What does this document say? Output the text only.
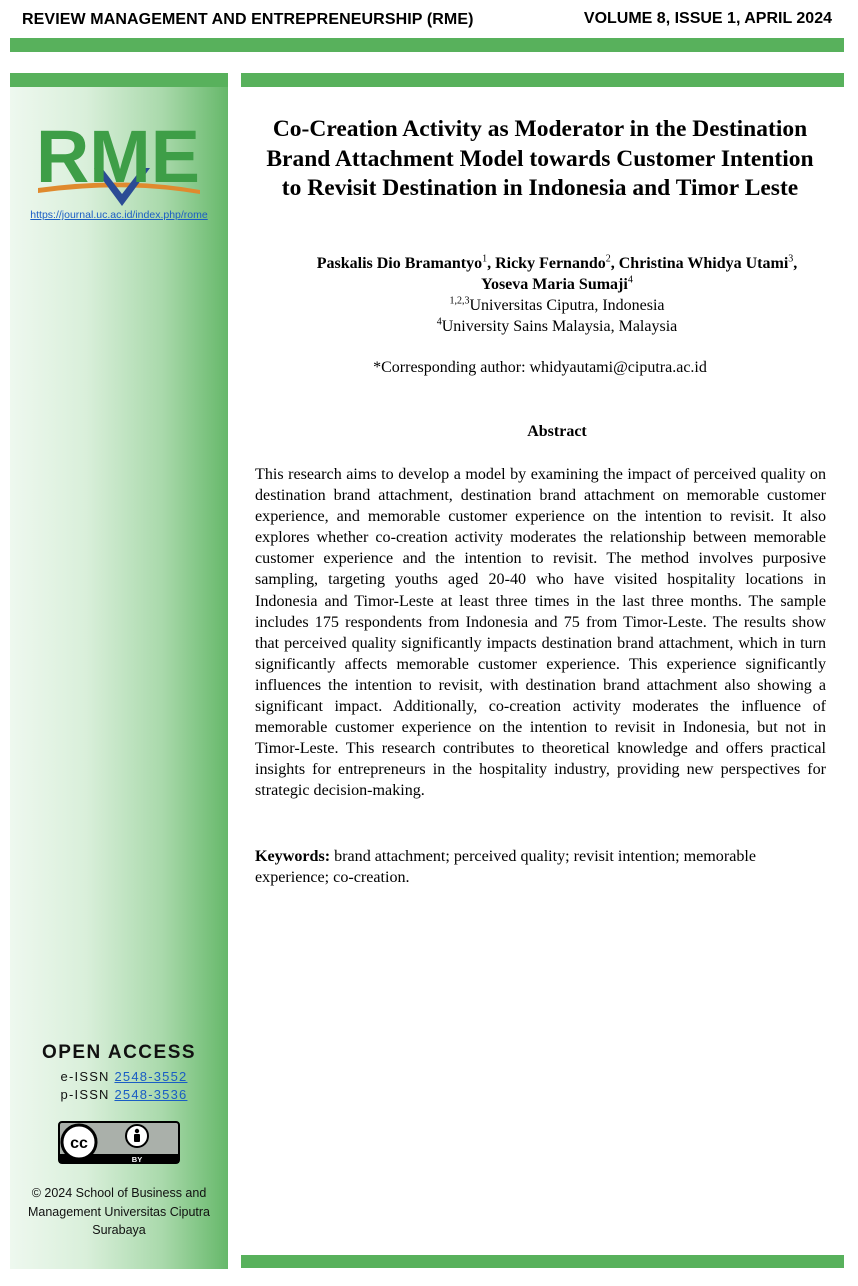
REVIEW MANAGEMENT AND ENTREPRENEURSHIP (RME)	VOLUME 8, ISSUE 1, APRIL 2024
RME
https://journal.uc.ac.id/index.php/rome
OPEN ACCESS
e-ISSN 2548-3552
p-ISSN 2548-3536
cc
BY
© 2024 School of Business and Management Universitas Ciputra Surabaya
Co-Creation Activity as Moderator in the Destination Brand Attachment Model towards Customer Intention to Revisit Destination in Indonesia and Timor Leste
Paskalis Dio Bramantyo$^1$, Ricky Fernando$^2$, Christina Whidya Utami$^3$, Yoseva Maria Sumaji$^4$
$^{1,2,3}$Universitas Ciputra, Indonesia
$^4$University Sains Malaysia, Malaysia
*Corresponding author: whidyautami@ciputra.ac.id
Abstract
This research aims to develop a model by examining the impact of perceived quality on destination brand attachment, destination brand attachment on memorable customer experience, and memorable customer experience on the intention to revisit. It also explores whether co-creation activity moderates the relationship between memorable customer experience and the intention to revisit. The method involves purposive sampling, targeting youths aged 20-40 who have visited hospitality locations in Indonesia and Timor-Leste at least three times in the last three months. The sample includes 175 respondents from Indonesia and 75 from Timor-Leste. The results show that perceived quality significantly impacts destination brand attachment, which in turn significantly affects memorable customer experience. This experience significantly influences the intention to revisit, with destination brand attachment also showing a significant impact. Additionally, co-creation activity moderates the influence of memorable customer experience on the intention to revisit in Indonesia, but not in Timor-Leste. This research contributes to theoretical knowledge and offers practical insights for entrepreneurs in the hospitality industry, providing new perspectives for strategic decision-making.
Keywords: brand attachment; perceived quality; revisit intention; memorable experience; co-creation.
